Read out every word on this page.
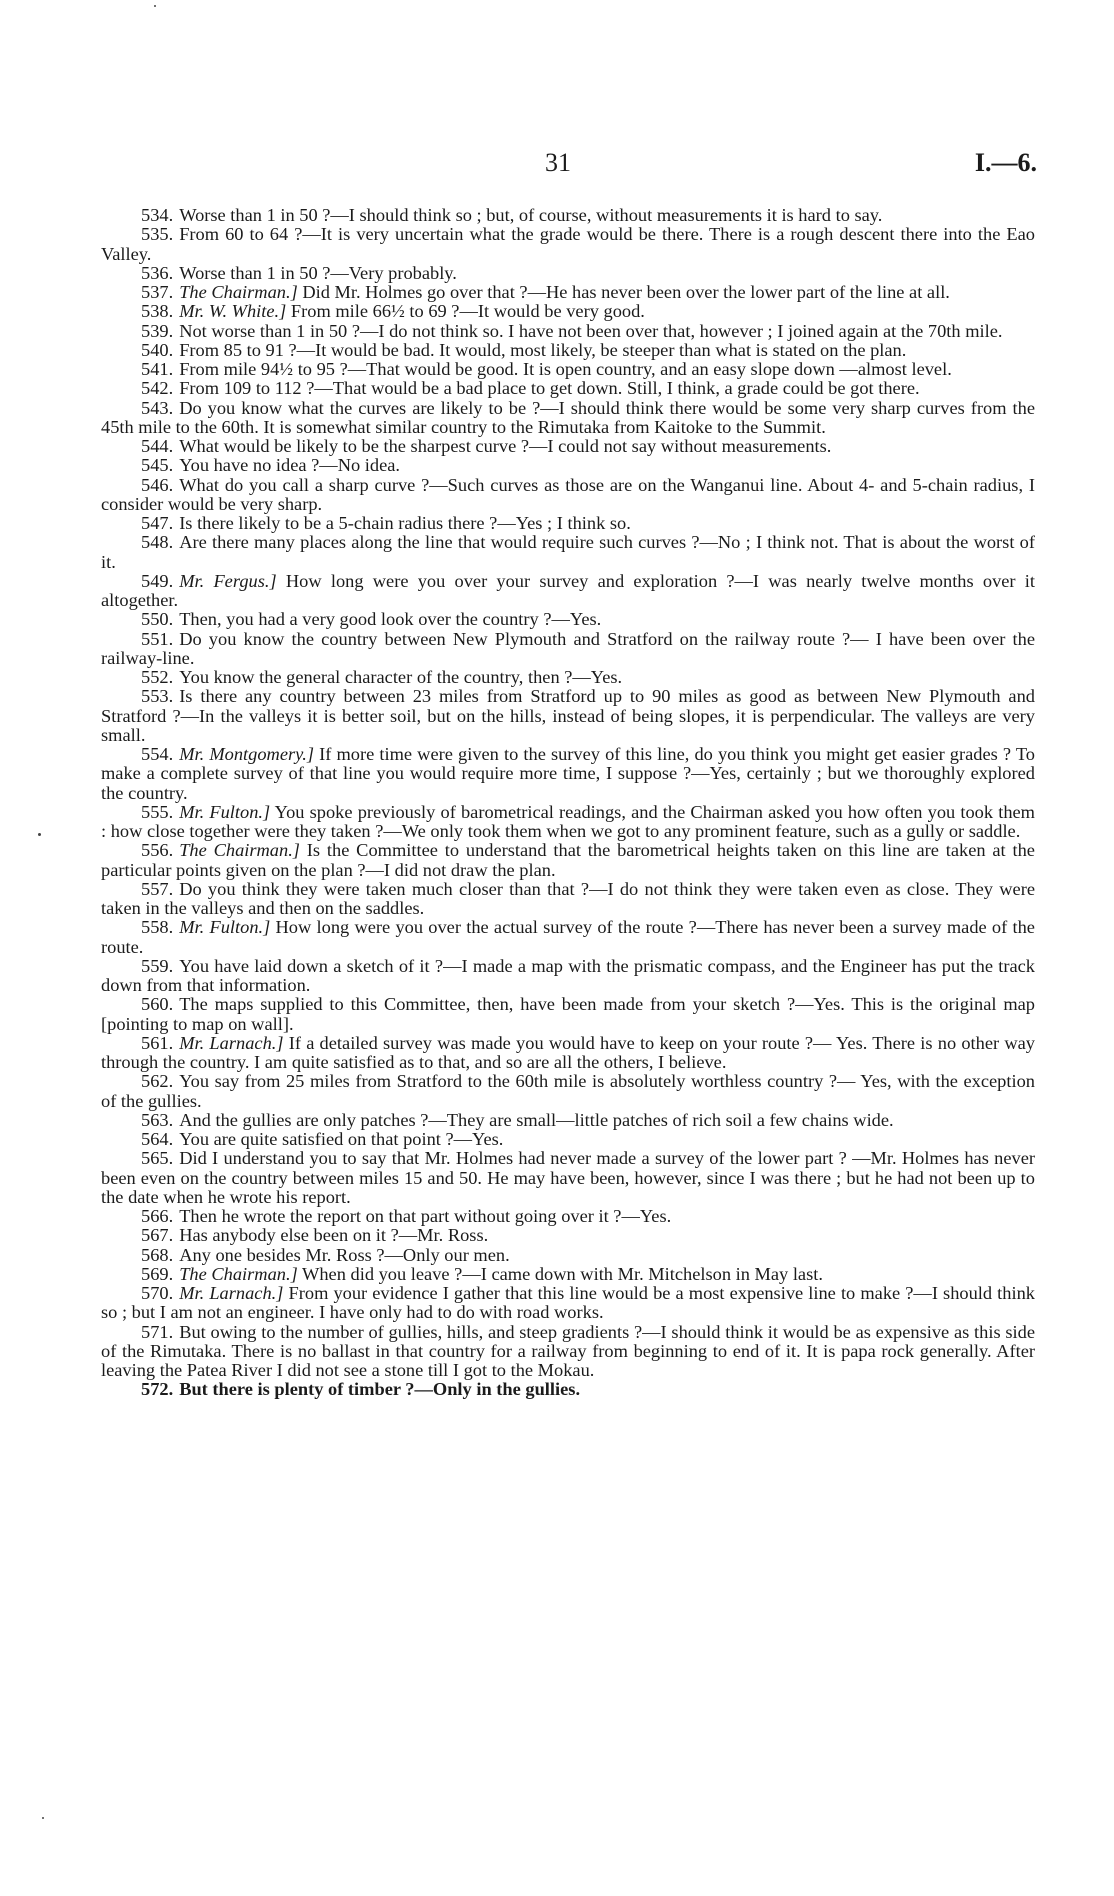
31	I.—6.

534. Worse than 1 in 50 ?—I should think so ; but, of course, without measurements it is hard to say.

535. From 60 to 64 ?—It is very uncertain what the grade would be there. There is a rough descent there into the Eao Valley.

536. Worse than 1 in 50 ?—Very probably.

537. The Chairman.] Did Mr. Holmes go over that ?—He has never been over the lower part of the line at all.

538. Mr. W. White.] From mile 66½ to 69 ?—It would be very good.

539. Not worse than 1 in 50 ?—I do not think so. I have not been over that, however ; I joined again at the 70th mile.

540. From 85 to 91 ?—It would be bad. It would, most likely, be steeper than what is stated on the plan.

541. From mile 94½ to 95 ?—That would be good. It is open country, and an easy slope down —almost level.

542. From 109 to 112 ?—That would be a bad place to get down. Still, I think, a grade could be got there.

543. Do you know what the curves are likely to be ?—I should think there would be some very sharp curves from the 45th mile to the 60th. It is somewhat similar country to the Rimutaka from Kaitoke to the Summit.

544. What would be likely to be the sharpest curve ?—I could not say without measurements.

545. You have no idea ?—No idea.

546. What do you call a sharp curve ?—Such curves as those are on the Wanganui line. About 4- and 5-chain radius, I consider would be very sharp.

547. Is there likely to be a 5-chain radius there ?—Yes ; I think so.

548. Are there many places along the line that would require such curves ?—No ; I think not. That is about the worst of it.

549. Mr. Fergus.] How long were you over your survey and exploration ?—I was nearly twelve months over it altogether.

550. Then, you had a very good look over the country ?—Yes.

551. Do you know the country between New Plymouth and Stratford on the railway route ?— I have been over the railway-line.

552. You know the general character of the country, then ?—Yes.

553. Is there any country between 23 miles from Stratford up to 90 miles as good as between New Plymouth and Stratford ?—In the valleys it is better soil, but on the hills, instead of being slopes, it is perpendicular. The valleys are very small.

554. Mr. Montgomery.] If more time were given to the survey of this line, do you think you might get easier grades ? To make a complete survey of that line you would require more time, I suppose ?—Yes, certainly ; but we thoroughly explored the country.

555. Mr. Fulton.] You spoke previously of barometrical readings, and the Chairman asked you how often you took them : how close together were they taken ?—We only took them when we got to any prominent feature, such as a gully or saddle.

556. The Chairman.] Is the Committee to understand that the barometrical heights taken on this line are taken at the particular points given on the plan ?—I did not draw the plan.

557. Do you think they were taken much closer than that ?—I do not think they were taken even as close. They were taken in the valleys and then on the saddles.

558. Mr. Fulton.] How long were you over the actual survey of the route ?—There has never been a survey made of the route.

559. You have laid down a sketch of it ?—I made a map with the prismatic compass, and the Engineer has put the track down from that information.

560. The maps supplied to this Committee, then, have been made from your sketch ?—Yes. This is the original map [pointing to map on wall].

561. Mr. Larnach.] If a detailed survey was made you would have to keep on your route ?— Yes. There is no other way through the country. I am quite satisfied as to that, and so are all the others, I believe.

562. You say from 25 miles from Stratford to the 60th mile is absolutely worthless country ?— Yes, with the exception of the gullies.

563. And the gullies are only patches ?—They are small—little patches of rich soil a few chains wide.

564. You are quite satisfied on that point ?—Yes.

565. Did I understand you to say that Mr. Holmes had never made a survey of the lower part ? —Mr. Holmes has never been even on the country between miles 15 and 50. He may have been, however, since I was there ; but he had not been up to the date when he wrote his report.

566. Then he wrote the report on that part without going over it ?—Yes.

567. Has anybody else been on it ?—Mr. Ross.

568. Any one besides Mr. Ross ?—Only our men.

569. The Chairman.] When did you leave ?—I came down with Mr. Mitchelson in May last.

570. Mr. Larnach.] From your evidence I gather that this line would be a most expensive line to make ?—I should think so ; but I am not an engineer. I have only had to do with road works.

571. But owing to the number of gullies, hills, and steep gradients ?—I should think it would be as expensive as this side of the Rimutaka. There is no ballast in that country for a railway from beginning to end of it. It is papa rock generally. After leaving the Patea River I did not see a stone till I got to the Mokau.

572. But there is plenty of timber ?—Only in the gullies.
